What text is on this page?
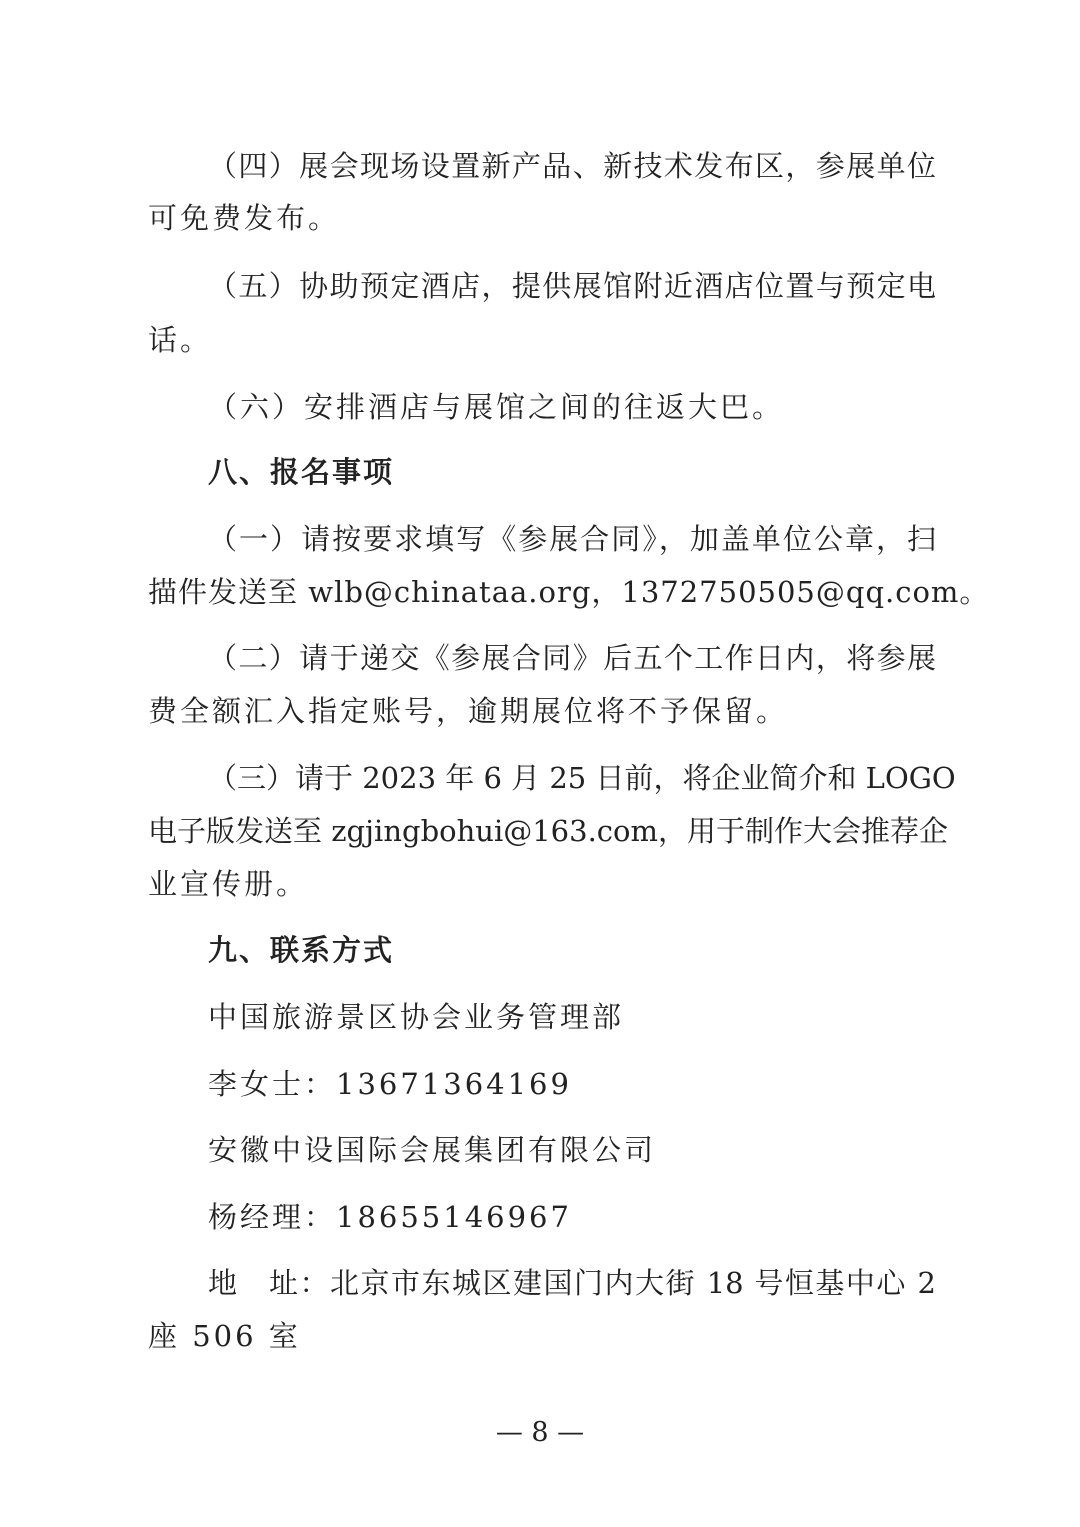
（四）展会现场设置新产品、新技术发布区，参展单位
可免费发布。
（五）协助预定酒店，提供展馆附近酒店位置与预定电
话。
（六）安排酒店与展馆之间的往返大巴。
八、报名事项
（一）请按要求填写《参展合同》，加盖单位公章，扫
描件发送至 wlb@chinataa.org，1372750505@qq.com。
（二）请于递交《参展合同》后五个工作日内，将参展
费全额汇入指定账号，逾期展位将不予保留。
（三）请于 2023 年 6 月 25 日前，将企业简介和 LOGO
电子版发送至 zgjingbohui@163.com，用于制作大会推荐企
业宣传册。
九、联系方式
中国旅游景区协会业务管理部
李女士：13671364169
安徽中设国际会展集团有限公司
杨经理：18655146967
地　址：北京市东城区建国门内大街 18 号恒基中心 2
座 506 室
— 8 —
